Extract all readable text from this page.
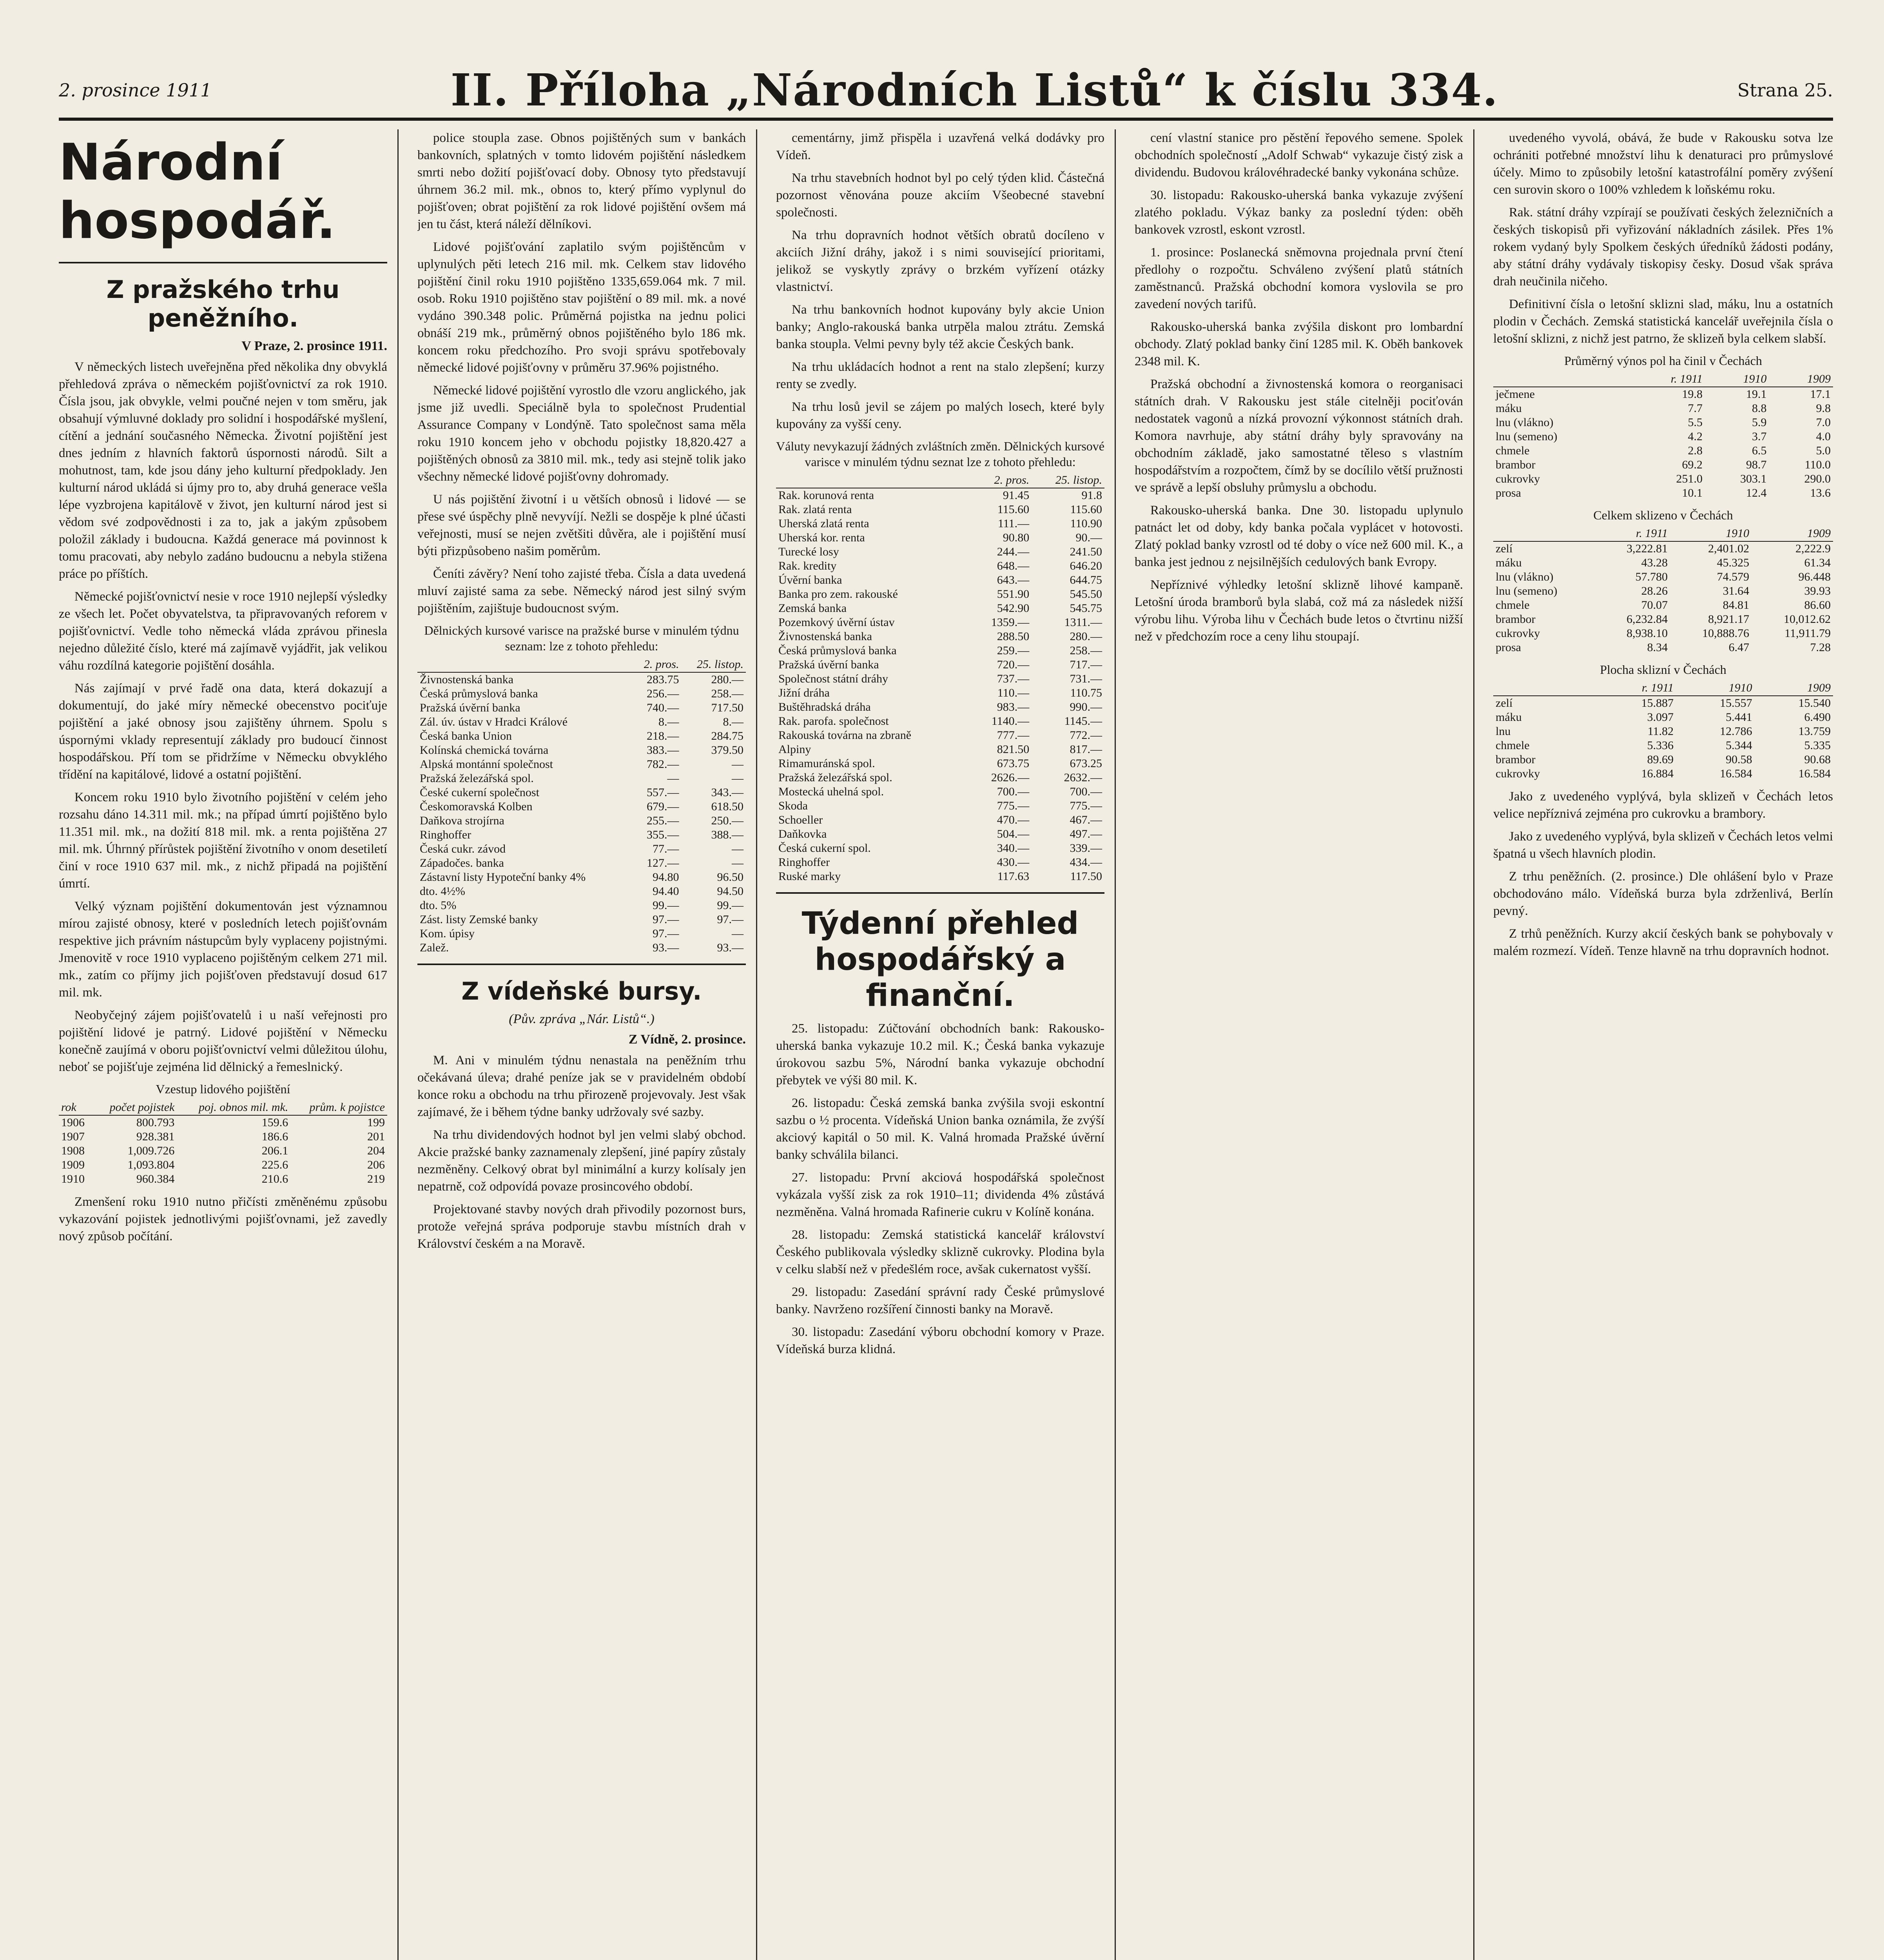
2. prosince 1911	II. Příloha „Národních Listů“ k číslu 334.	Strana 25.
Národní hospodář.
Z pražského trhu peněžního.
V Praze, 2. prosince 1911.

V německých listech uveřejněna před několika dny obvyklá přehledová zpráva o německém pojišťovnictví za rok 1910. Čísla jsou, jak obvykle, velmi poučné nejen v tom směru, jak obsahují výmluvné doklady pro solidní i hospodářské myšlení, cítění a jednání současného Německa. Životní pojištění jest dnes jedním z hlavních faktorů úspornosti národů. Silt a mohutnost, tam, kde jsou dány jeho kulturní předpoklady. Jen kulturní národ ukládá si újmy pro to, aby druhá generace vešla lépe vyzbrojena kapitálově v život, jen kulturní národ jest si vědom své zodpovědnosti i za to, jak a jakým způsobem položil základy i budoucna. Každá generace má povinnost k tomu pracovati, aby nebylo zadáno budoucnu a nebyla stižena práce po příštích.

Německé pojišťovnictví nesie v roce 1910 nejlepší výsledky ze všech let. Počet obyvatelstva, ta připravovaných reforem v pojišťovnictví. Vedle toho německá vláda zprávou přinesla nejedno důležité číslo, které má zajímavě vyjádřit, jak velikou váhu rozdílná kategorie pojištění dosáhla.

Nás zajímají v prvé řadě ona data, která dokazují a dokumentují, do jaké míry německé obecenstvo pociťuje pojištění a jaké obnosy jsou zajištěny úhrnem. Spolu s úspornými vklady representují základy pro budoucí činnost hospodářskou. Pří tom se přidržíme v Německu obvyklého třídění na kapitálové, lidové a ostatní pojištění.

Koncem roku 1910 bylo životního pojištění v celém jeho rozsahu dáno 14.311 mil. mk.; na případ úmrtí pojištěno bylo 11.351 mil. mk., na dožití 818 mil. mk. a renta pojištěna 27 mil. mk. Úhrnný přírůstek pojištění životního v onom desetiletí činí v roce 1910 637 mil. mk., z nichž připadá na pojištění úmrtí.

Velký význam pojištění dokumentován jest významnou mírou zajisté obnosy, které v posledních letech pojišťovnám respektive jich právním nástupcům byly vyplaceny pojistnými. Jmenovitě v roce 1910 vyplaceno pojištěným celkem 271 mil. mk., zatím co příjmy jich pojišťoven představují dosud 617 mil. mk.

Neobyčejný zájem pojišťovatelů i u naší veřejnosti pro pojištění lidové je patrný. Lidové pojištění v Německu konečně zaujímá v oboru pojišťovnictví velmi důležitou úlohu, neboť se pojišťuje zejména lid dělnický a řemeslnický.

Vzestup lidového pojištění
rok	počet pojistek	poj. obnos mil. mk.	prům. k pojistce
1906	800.793	159.6	199
1907	928.381	186.6	201
1908	1,009.726	206.1	204
1909	1,093.804	225.6	206
1910	960.384	210.6	219

Zmenšení roku 1910 nutno přičísti změněnému způsobu vykazování pojistek jednotlivými pojišťovnami, jež zavedly nový způsob počítání.

police stoupla zase. Obnos pojištěných sum v bankách bankovních, splatných v tomto lidovém pojištění následkem smrti nebo dožití pojišťovací doby. Obnosy tyto představují úhrnem 36.2 mil. mk., obnos to, který přímo vyplynul do pojišťoven; obrat pojištění za rok lidové pojištění ovšem má jen tu část, která náleží dělníkovi.

Lidové pojišťování zaplatilo svým pojištěncům v uplynulých pěti letech 216 mil. mk. Celkem stav lidového pojištění činil roku 1910 pojištěno 1335,659.064 mk. 7 mil. osob. Roku 1910 pojištěno stav pojištění o 89 mil. mk. a nové vydáno 390.348 polic. Průměrná pojistka na jednu polici obnáší 219 mk., průměrný obnos pojištěného bylo 186 mk. koncem roku předchozího. Pro svoji správu spotřebovaly německé lidové pojišťovny v průměru 37.96% pojistného.

Německé lidové pojištění vyrostlo dle vzoru anglického, jak jsme již uvedli. Speciálně byla to společnost Prudential Assurance Company v Londýně. Tato společnost sama měla roku 1910 koncem jeho v obchodu pojistky 18,820.427 a pojištěných obnosů za 3810 mil. mk., tedy asi stejně tolik jako všechny německé lidové pojišťovny dohromady.

U nás pojištění životní i u větších obnosů i lidové — se přese své úspěchy plně nevyvíjí. Nežli se dospěje k plné účasti veřejnosti, musí se nejen zvětšiti důvěra, ale i pojištění musí býti přizpůsobeno našim poměrům.

Čeníti závěry? Není toho zajisté třeba. Čísla a data uvedená mluví zajisté sama za sebe. Německý národ jest silný svým pojištěním, zajištuje budoucnost svým.

Dělnických kursové varisce na pražské burse v minulém týdnu seznam: lze z tohoto přehledu:
	2. pros.	25. listop.
Živnostenská banka	283.75	280.—
Česká průmyslová banka	256.—	258.—
Pražská úvěrní banka	740.—	717.50
Zál. úv. ústav v Hradci Králové	8.—	8.—
Česká banka Union	218.—	284.75
Kolínská chemická továrna	383.—	379.50
Alpská montánní společnost	782.—	—
Pražská železářská spol.	—	—
České cukerní společnost	557.—	343.—
Českomoravská Kolben	679.—	618.50
Daňkova strojírna	255.—	250.—
Ringhoffer	355.—	388.—
Česká cukr. závod	77.—	—
Západočes. banka	127.—	—
Zástavní listy Hypoteční banky 4%	94.80	96.50
dto. 4½%	94.40	94.50
dto. 5%	99.—	99.—
Zást. listy Zemské banky	97.—	97.—
Kom. úpisy	97.—	—
Zalež.	93.—	93.—
Z vídeňské bursy.
(Pův. zpráva „Nár. Listů“.)
Z Vídně, 2. prosince.

M. Ani v minulém týdnu nenastala na peněžním trhu očekávaná úleva; drahé peníze jak se v pravidelném období konce roku a obchodu na trhu přirozeně projevovaly. Jest však zajímavé, že i během týdne banky udržovaly své sazby.

Na trhu dividendových hodnot byl jen velmi slabý obchod. Akcie pražské banky zaznamenaly zlepšení, jiné papíry zůstaly nezměněny. Celkový obrat byl minimální a kurzy kolísaly jen nepatrně, což odpovídá povaze prosincového období.

Projektované stavby nových drah přivodily pozornost burs, protože veřejná správa podporuje stavbu místních drah v Království českém a na Moravě.

cementárny, jimž přispěla i uzavřená velká dodávky pro Vídeň.

Na trhu stavebních hodnot byl po celý týden klid. Částečná pozornost věnována pouze akciím Všeobecné stavební společnosti.

Na trhu dopravních hodnot větších obratů docíleno v akciích Jižní dráhy, jakož i s nimi související prioritami, jelikož se vyskytly zprávy o brzkém vyřízení otázky vlastnictví.

Na trhu bankovních hodnot kupovány byly akcie Union banky; Anglo-rakouská banka utrpěla malou ztrátu. Zemská banka stoupla. Velmi pevny byly též akcie Českých bank.

Na trhu ukládacích hodnot a rent na stalo zlepšení; kurzy renty se zvedly.

Na trhu losů jevil se zájem po malých losech, které byly kupovány za vyšší ceny.

Váluty nevykazují žádných zvláštních změn. Dělnických kursové varisce v minulém týdnu seznat lze z tohoto přehledu:
	2. pros.	25. listop.
Rak. korunová renta	91.45	91.8
Rak. zlatá renta	115.60	115.60
Uherská zlatá renta	111.—	110.90
Uherská kor. renta	90.80	90.—
Turecké losy	244.—	241.50
Rak. kredity	648.—	646.20
Úvěrní banka	643.—	644.75
Banka pro zem. rakouské	551.90	545.50
Zemská banka	542.90	545.75
Pozemkový úvěrní ústav	1359.—	1311.—
Živnostenská banka	288.50	280.—
Česká průmyslová banka	259.—	258.—
Pražská úvěrní banka	720.—	717.—
Společnost státní dráhy	737.—	731.—
Jižní dráha	110.—	110.75
Buštěhradská dráha	983.—	990.—
Rak. parofa. společnost	1140.—	1145.—
Rakouská továrna na zbraně	777.—	772.—
Alpiny	821.50	817.—
Rimamuránská spol.	673.75	673.25
Pražská železářská spol.	2626.—	2632.—
Mostecká uhelná spol.	700.—	700.—
Skoda	775.—	775.—
Schoeller	470.—	467.—
Daňkovka	504.—	497.—
Česká cukerní spol.	340.—	339.—
Ringhoffer	430.—	434.—
Ruské marky	117.63	117.50
Týdenní přehled hospodářský a finanční.

25. listopadu: Zúčtování obchodních bank: Rakousko-uherská banka vykazuje 10.2 mil. K.; Česká banka vykazuje úrokovou sazbu 5%, Národní banka vykazuje obchodní přebytek ve výši 80 mil. K.

26. listopadu: Česká zemská banka zvýšila svoji eskontní sazbu o ½ procenta. Vídeňská Union banka oznámila, že zvýší akciový kapitál o 50 mil. K. Valná hromada Pražské úvěrní banky schválila bilanci.

27. listopadu: První akciová hospodářská společnost vykázala vyšší zisk za rok 1910–11; dividenda 4% zůstává nezměněna. Valná hromada Rafinerie cukru v Kolíně konána.

28. listopadu: Zemská statistická kancelář království Českého publikovala výsledky sklizně cukrovky. Plodina byla v celku slabší než v předešlém roce, avšak cukernatost vyšší.

29. listopadu: Zasedání správní rady České průmyslové banky. Navrženo rozšíření činnosti banky na Moravě.

30. listopadu: Zasedání výboru obchodní komory v Praze. Vídeňská burza klidná.

cení vlastní stanice pro pěstění řepového semene. Spolek obchodních společností „Adolf Schwab“ vykazuje čistý zisk a dividendu. Budovou královéhradecké banky vykonána schůze.

30. listopadu: Rakousko-uherská banka vykazuje zvýšení zlatého pokladu. Výkaz banky za poslední týden: oběh bankovek vzrostl, eskont vzrostl.

1. prosince: Poslanecká sněmovna projednala první čtení předlohy o rozpočtu. Schváleno zvýšení platů státních zaměstnanců. Pražská obchodní komora vyslovila se pro zavedení nových tarifů.

Rakousko-uherská banka zvýšila diskont pro lombardní obchody. Zlatý poklad banky činí 1285 mil. K. Oběh bankovek 2348 mil. K.

Pražská obchodní a živnostenská komora o reorganisaci státních drah. V Rakousku jest stále citelněji pociťován nedostatek vagonů a nízká provozní výkonnost státních drah. Komora navrhuje, aby státní dráhy byly spravovány na obchodním základě, jako samostatné těleso s vlastním hospodářstvím a rozpočtem, čímž by se docílilo větší pružnosti ve správě a lepší obsluhy průmyslu a obchodu.

Rakousko-uherská banka. Dne 30. listopadu uplynulo patnáct let od doby, kdy banka počala vyplácet v hotovosti. Zlatý poklad banky vzrostl od té doby o více než 600 mil. K., a banka jest jednou z nejsilnějších cedulových bank Evropy.

Nepříznivé výhledky letošní sklizně lihové kampaně. Letošní úroda bramborů byla slabá, což má za následek nižší výrobu lihu. Výroba lihu v Čechách bude letos o čtvrtinu nižší než v předchozím roce a ceny lihu stoupají.

uvedeného vyvolá, obává, že bude v Rakousku sotva lze ochrániti potřebné množství lihu k denaturaci pro průmyslové účely. Mimo to způsobily letošní katastrofální poměry zvýšení cen surovin skoro o 100% vzhledem k loňskému roku.

Rak. státní dráhy vzpírají se používati českých železničních a českých tiskopisů při vyřizování nákladních zásilek. Přes 1% rokem vydaný byly Spolkem českých úředníků žádosti podány, aby státní dráhy vydávaly tiskopisy česky. Dosud však správa drah neučinila ničeho.

Definitivní čísla o letošní sklizni slad, máku, lnu a ostatních plodin v Čechách. Zemská statistická kancelář uveřejnila čísla o letošní sklizni, z nichž jest patrno, že sklizeň byla celkem slabší.

Průměrný výnos pol ha činil v Čechách
	r. 1911	1910	1909
ječmene	19.8	19.1	17.1
máku	7.7	8.8	9.8
lnu (vlákno)	5.5	5.9	7.0
lnu (semeno)	4.2	3.7	4.0
chmele	2.8	6.5	5.0
brambor	69.2	98.7	110.0
cukrovky	251.0	303.1	290.0
prosa	10.1	12.4	13.6
Celkem sklizeno v Čechách
	r. 1911	1910	1909
zelí	3,222.81	2,401.02	2,222.9
máku	43.28	45.325	61.34
lnu (vlákno)	57.780	74.579	96.448
lnu (semeno)	28.26	31.64	39.93
chmele	70.07	84.81	86.60
brambor	6,232.84	8,921.17	10,012.62
cukrovky	8,938.10	10,888.76	11,911.79
prosa	8.34	6.47	7.28
Plocha sklizní v Čechách
	r. 1911	1910	1909
zelí	15.887	15.557	15.540
máku	3.097	5.441	6.490
lnu	11.82	12.786	13.759
chmele	5.336	5.344	5.335
brambor	89.69	90.58	90.68
cukrovky	16.884	16.584	16.584

Jako z uvedeného vyplývá, byla sklizeň v Čechách letos velice nepříznivá zejména pro cukrovku a brambory.

Jako z uvedeného vyplývá, byla sklizeň v Čechách letos velmi špatná u všech hlavních plodin.

Z trhu peněžních. (2. prosince.) Dle ohlášení bylo v Praze obchodováno málo. Vídeňská burza byla zdrženlivá, Berlín pevný.

Z trhů peněžních. Kurzy akcií českých bank se pohybovaly v malém rozmezí. Vídeň. Tenze hlavně na trhu dopravních hodnot.
